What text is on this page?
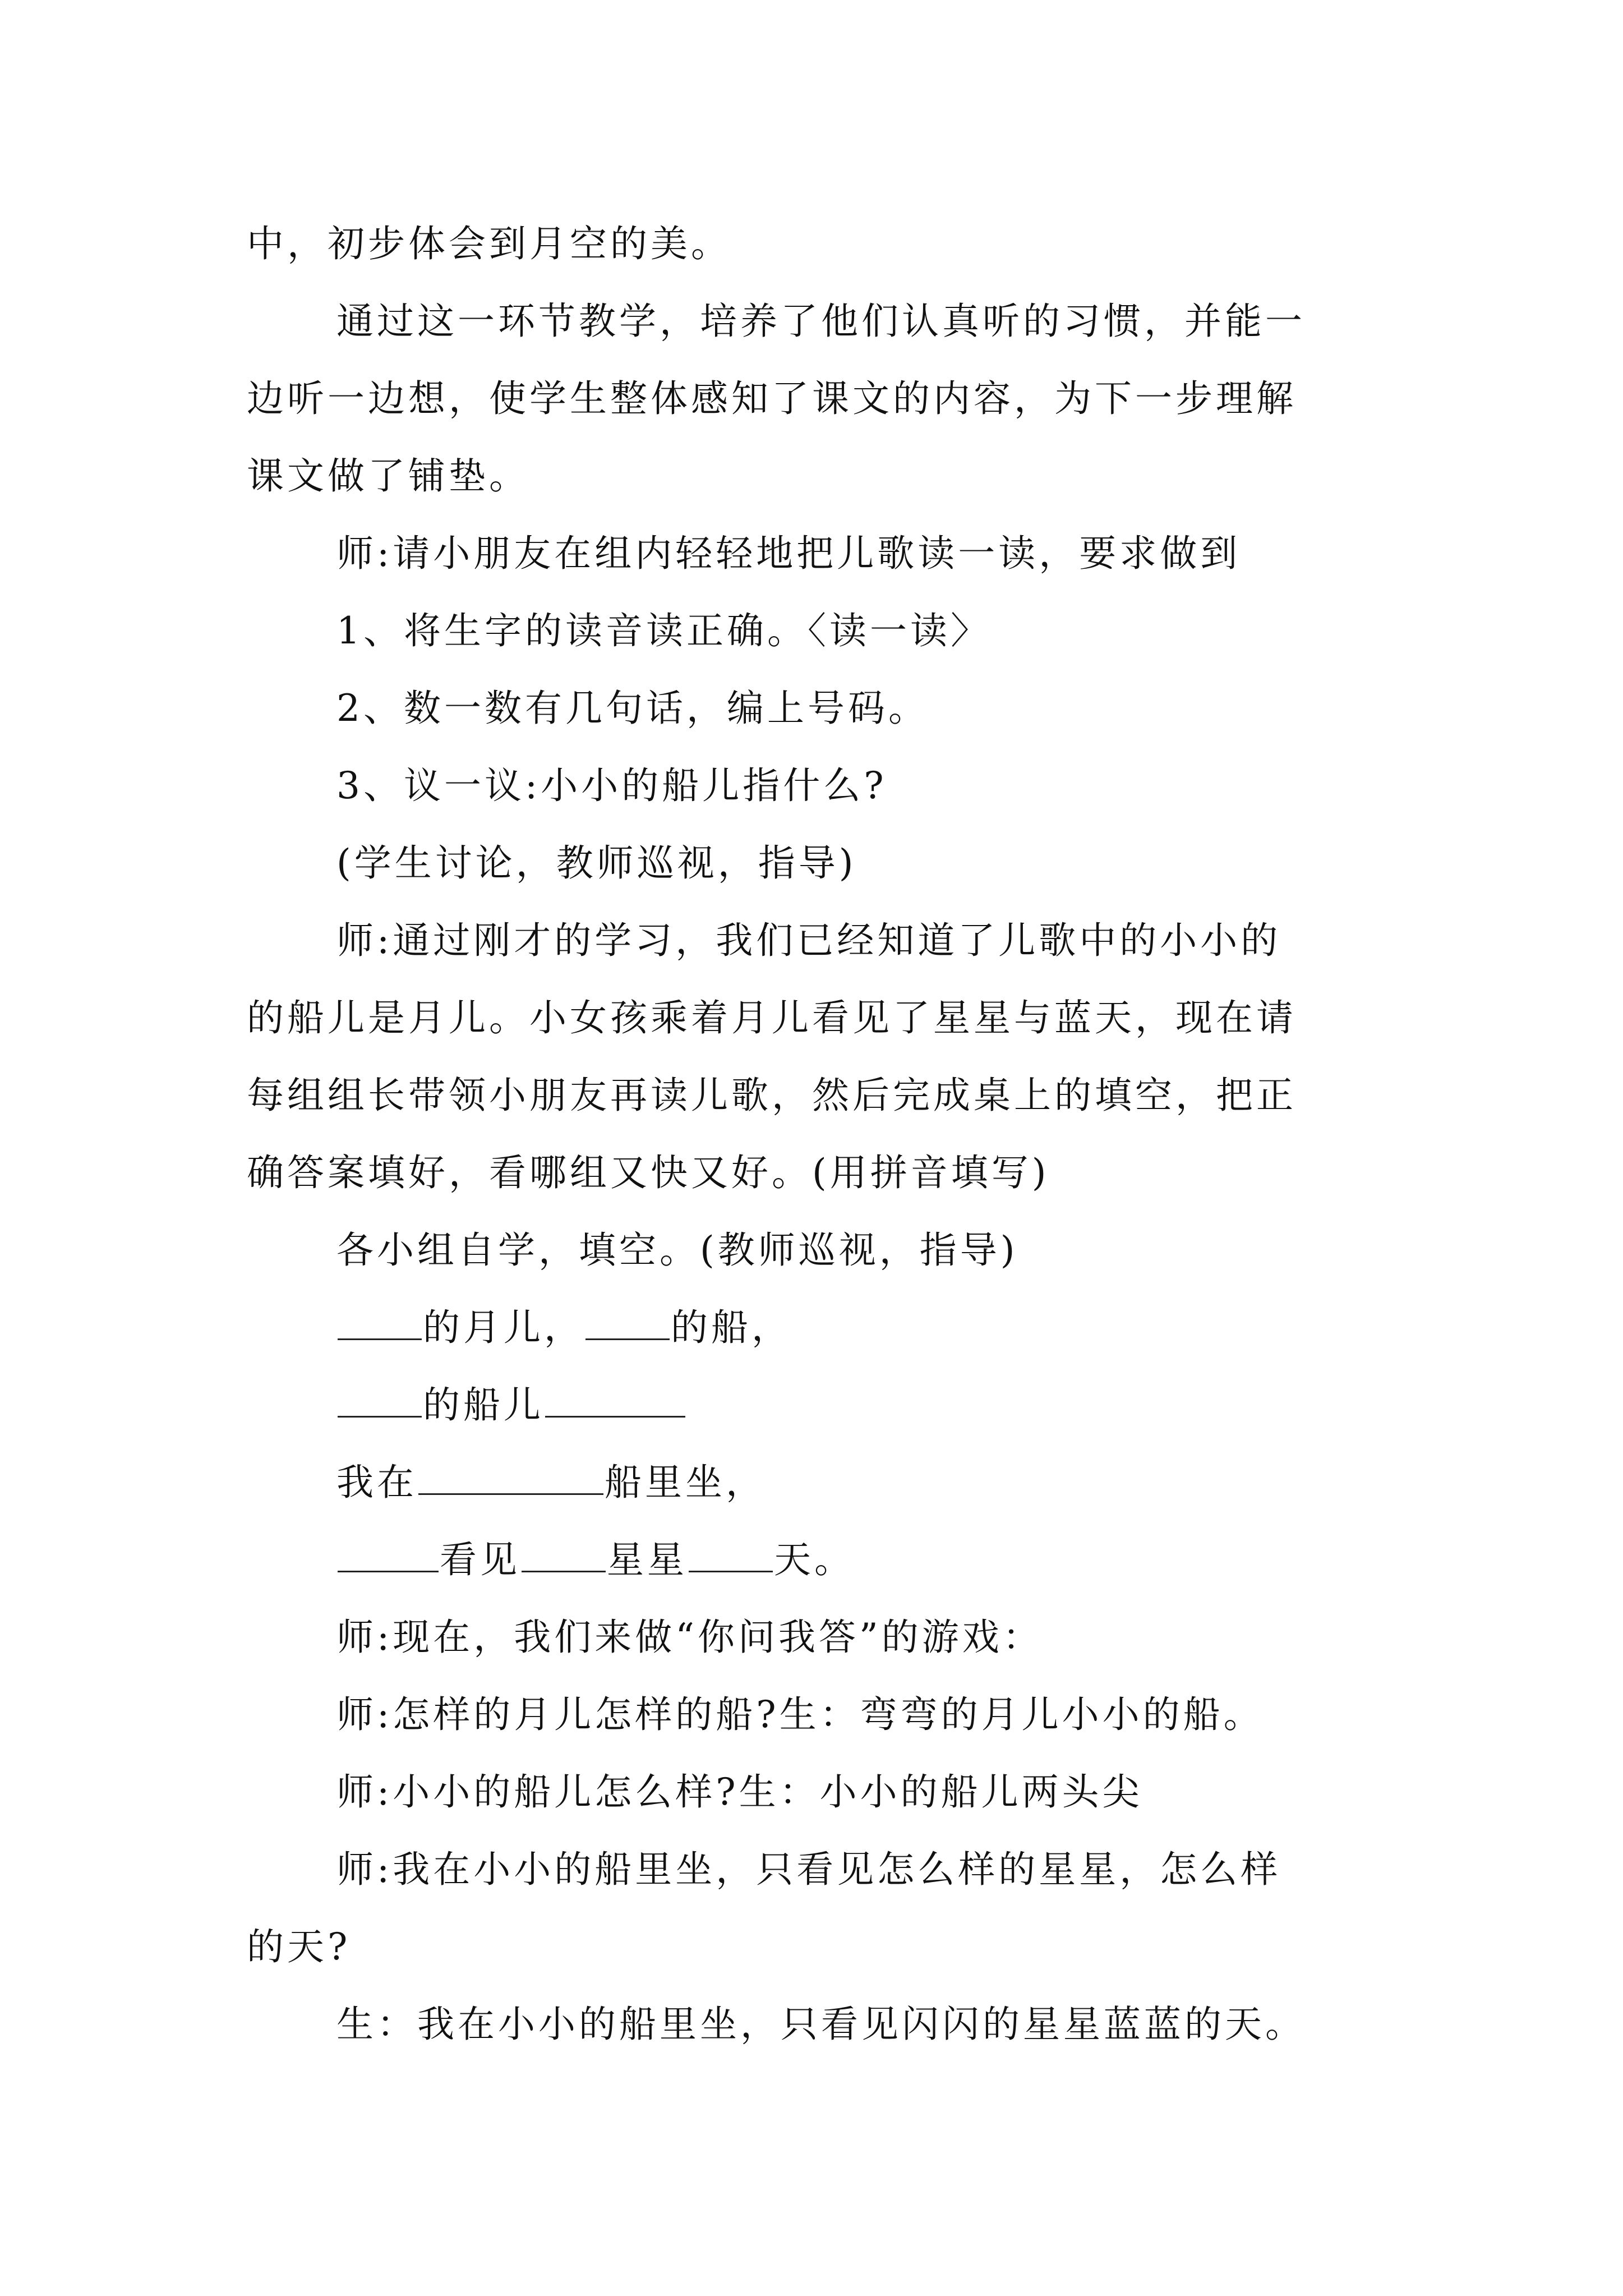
中，初步体会到月空的美。
通过这一环节教学，培养了他们认真听的习惯，并能一
边听一边想，使学生整体感知了课文的内容，为下一步理解
课文做了铺垫。
师:请小朋友在组内轻轻地把儿歌读一读，要求做到
1、将生字的读音读正确。〈读一读〉
2、数一数有几句话，编上号码。
3、议一议:小小的船儿指什么?
(学生讨论，教师巡视，指导)
师:通过刚才的学习，我们已经知道了儿歌中的小小的
的船儿是月儿。小女孩乘着月儿看见了星星与蓝天，现在请
每组组长带领小朋友再读儿歌，然后完成桌上的填空，把正
确答案填好，看哪组又快又好。(用拼音填写)
各小组自学，填空。(教师巡视，指导)
的月儿， 的船，
的船儿
我在	船里坐，
看见 星星 天。
师:现在，我们来做“你问我答”的游戏：
师:怎样的月儿怎样的船?生：弯弯的月儿小小的船。
师:小小的船儿怎么样?生：小小的船儿两头尖
师:我在小小的船里坐，只看见怎么样的星星，怎么样
的天?
生：我在小小的船里坐，只看见闪闪的星星蓝蓝的天。
